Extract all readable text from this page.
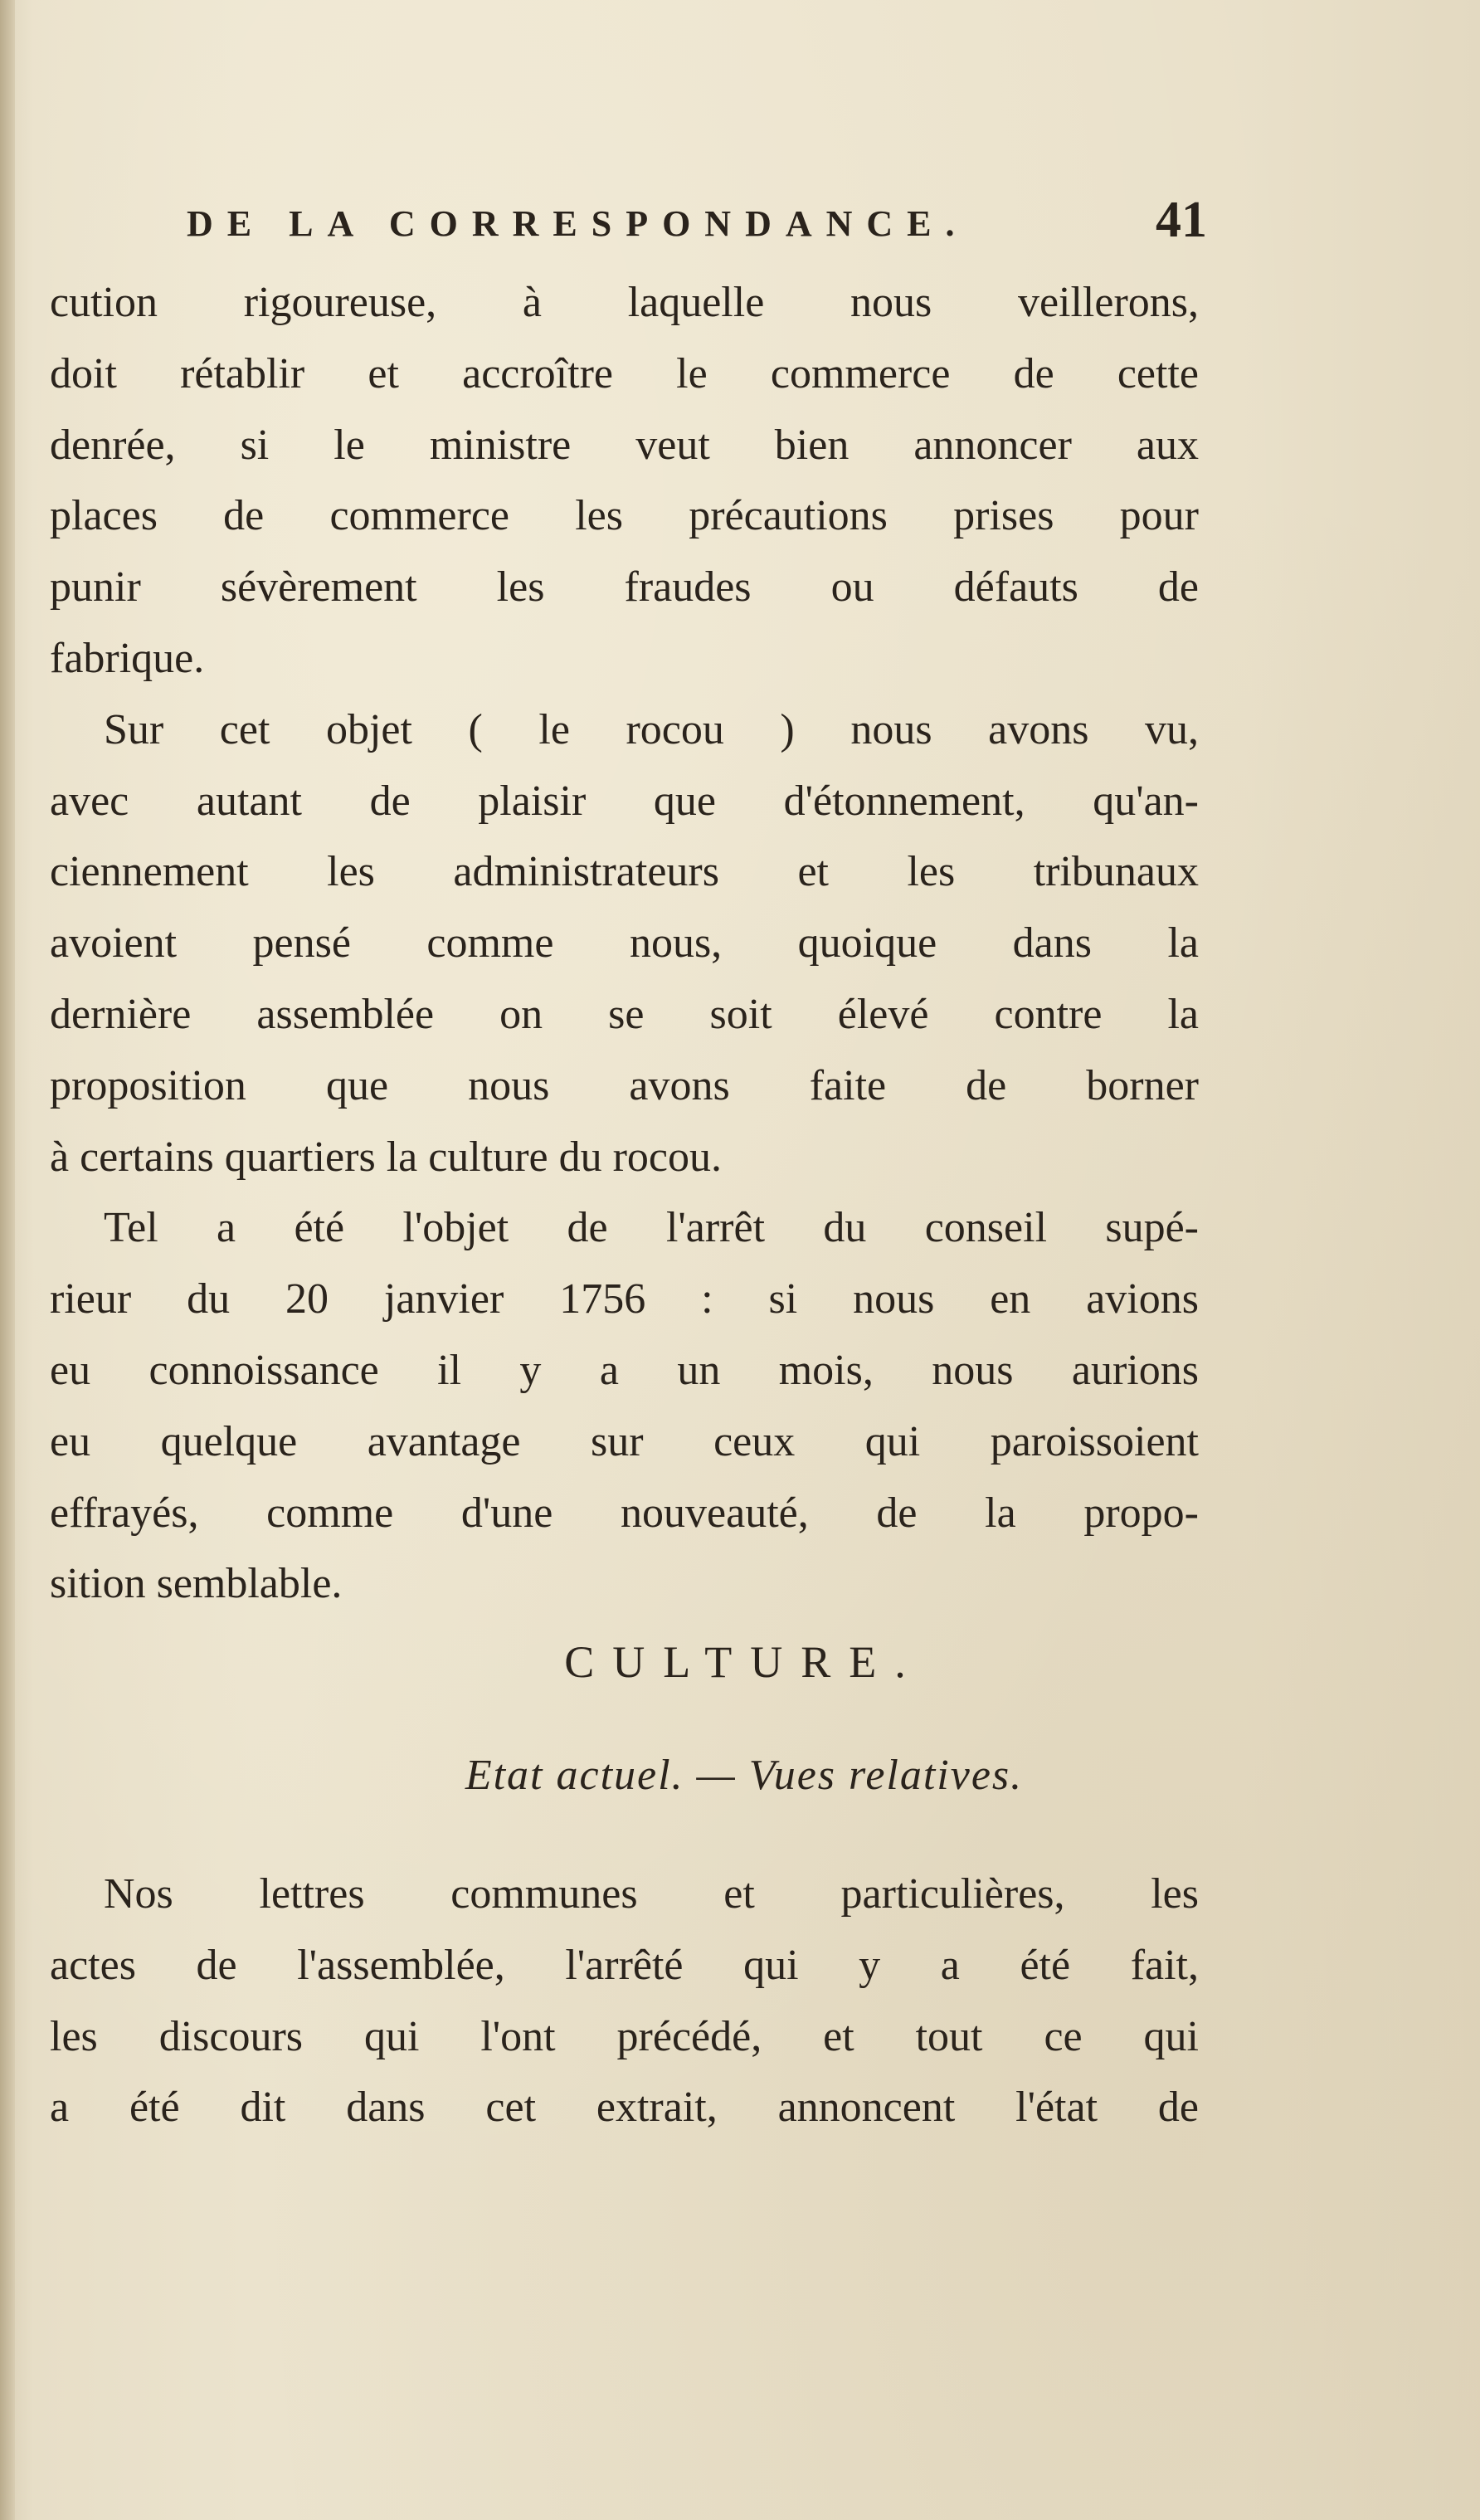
DE LA CORRESPONDANCE.	41
cution rigoureuse, à laquelle nous veillerons,
doit rétablir et accroître le commerce de cette
denrée, si le ministre veut bien annoncer aux
places de commerce les précautions prises pour
punir sévèrement les fraudes ou défauts de
fabrique.
Sur cet objet ( le rocou ) nous avons vu,
avec autant de plaisir que d'étonnement, qu'an-
ciennement les administrateurs et les tribunaux
avoient pensé comme nous, quoique dans la
dernière assemblée on se soit élevé contre la
proposition que nous avons faite de borner
à certains quartiers la culture du rocou.
Tel a été l'objet de l'arrêt du conseil supé-
rieur du 20 janvier 1756 : si nous en avions
eu connoissance il y a un mois, nous aurions
eu quelque avantage sur ceux qui paroissoient
effrayés, comme d'une nouveauté, de la propo-
sition semblable.
CULTURE.
Etat actuel. — Vues relatives.
Nos lettres communes et particulières, les
actes de l'assemblée, l'arrêté qui y a été fait,
les discours qui l'ont précédé, et tout ce qui
a été dit dans cet extrait, annoncent l'état de
